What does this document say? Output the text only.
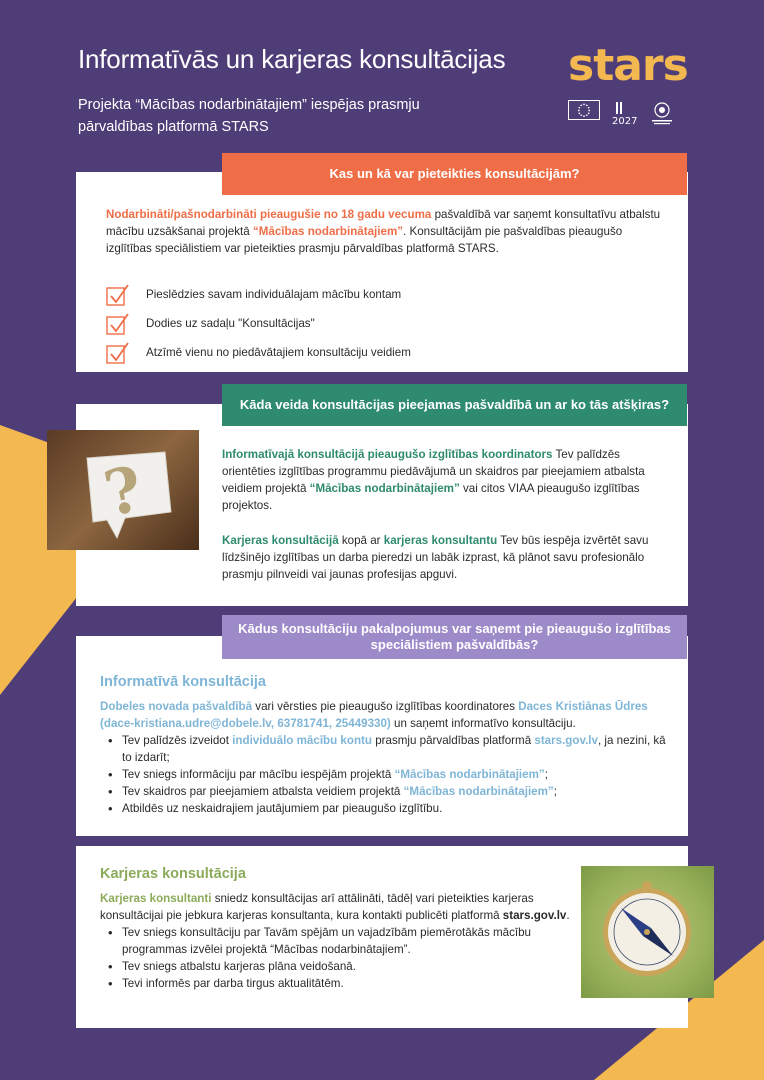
Informatīvās un karjeras konsultācijas

Projekta “Mācības nodarbinātajiem” iespējas prasmju pārvaldības platformā STARS

stars
2027

Nodarbināti/pašnodarbināti pieaugušie no 18 gadu vecuma pašvaldībā var saņemt konsultatīvu atbalstu mācību uzsākšanai projektā “Mācības nodarbinātajiem”. Konsultācijām pie pašvaldības pieaugušo izglītības speciālistiem var pieteikties prasmju pārvaldības platformā STARS.

Pieslēdzies savam individuālajam mācību kontam
Dodies uz sadaļu "Konsultācijas"
Atzīmē vienu no piedāvātajiem konsultāciju veidiem
Kas un kā var pieteikties konsultācijām?

Informatīvajā konsultācijā pieaugušo izglītības koordinators Tev palīdzēs orientēties izglītības programmu piedāvājumā un skaidros par pieejamiem atbalsta veidiem projektā “Mācības nodarbinātajiem” vai citos VIAA pieaugušo izglītības projektos.

Karjeras konsultācijā kopā ar karjeras konsultantu Tev būs iespēja izvērtēt savu līdzšinējo izglītības un darba pieredzi un labāk izprast, kā plānot savu profesionālo prasmju pilnveidi vai jaunas profesijas apguvi.

Kāda veida konsultācijas pieejamas pašvaldībā un ar ko tās atšķiras?
?
Informatīvā konsultācija

Dobeles novada pašvaldībā vari vērsties pie pieaugušo izglītības koordinatores Daces Kristiānas Ūdres (dace-kristiana.udre@dobele.lv, 63781741, 25449330) un saņemt informatīvo konsultāciju.

• Tev palīdzēs izveidot individuālo mācību kontu prasmju pārvaldības platformā stars.gov.lv, ja nezini, kā to izdarīt;
• Tev sniegs informāciju par mācību iespējām projektā “Mācības nodarbinātajiem”;
• Tev skaidros par pieejamiem atbalsta veidiem projektā “Mācības nodarbinātajiem”;
• Atbildēs uz neskaidrajiem jautājumiem par pieaugušo izglītību.
Kādus konsultāciju pakalpojumus var saņemt pie pieaugušo izglītības speciālistiem pašvaldībās?
Karjeras konsultācija

Karjeras konsultanti sniedz konsultācijas arī attālināti, tādēļ vari pieteikties karjeras konsultācijai pie jebkura karjeras konsultanta, kura kontakti publicēti platformā stars.gov.lv.

• Tev sniegs konsultāciju par Tavām spējām un vajadzībām piemērotākās mācību programmas izvēlei projektā “Mācības nodarbinātajiem”.
• Tev sniegs atbalstu karjeras plāna veidošanā.
• Tevi informēs par darba tirgus aktualitātēm.
